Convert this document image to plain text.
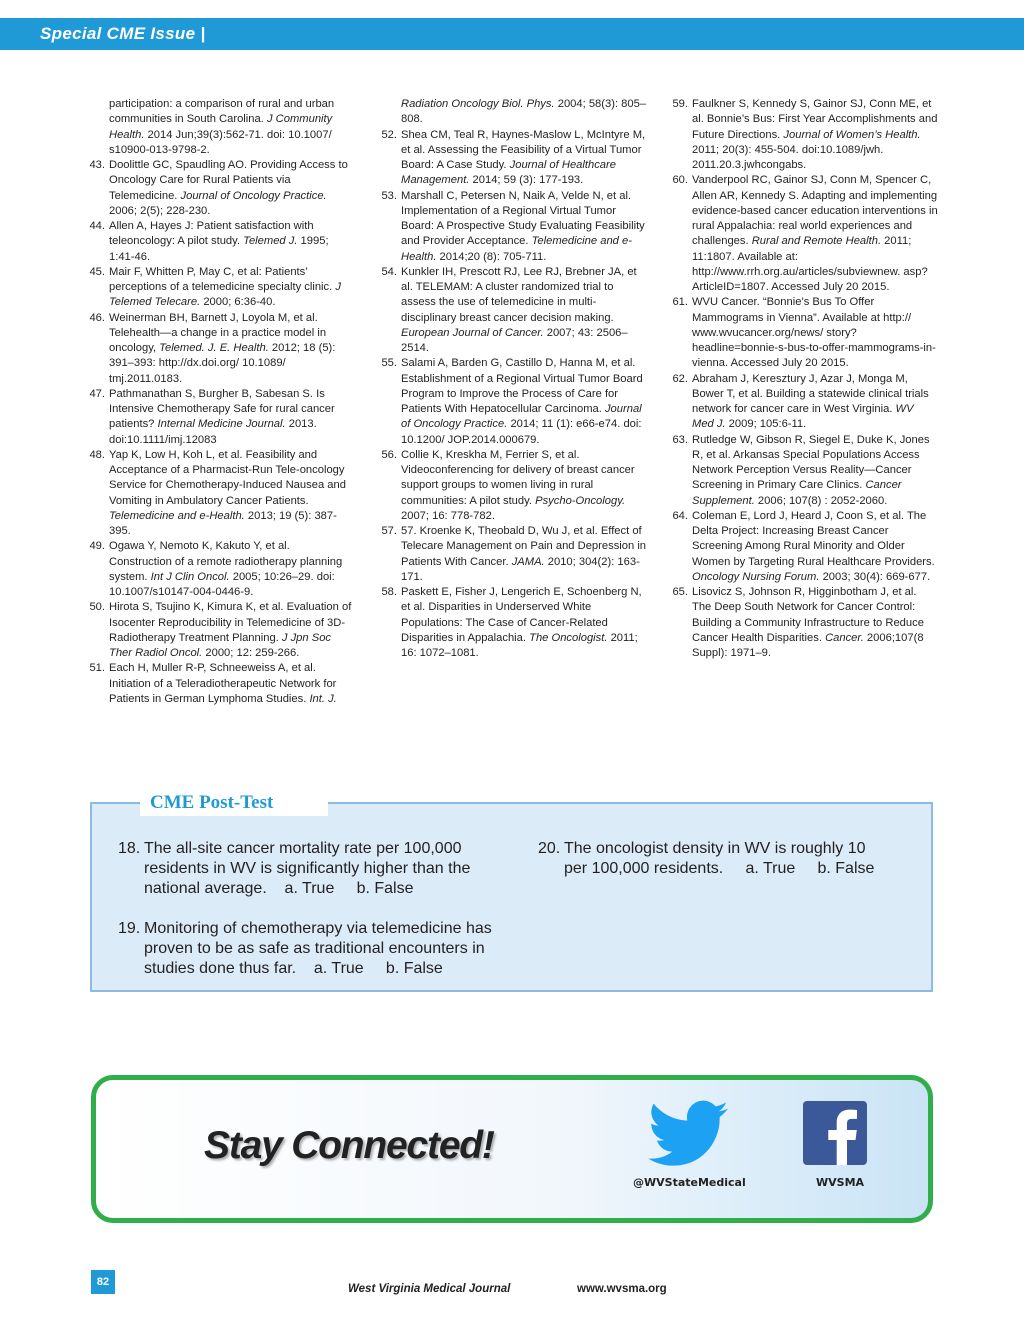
Special CME Issue |
participation: a comparison of rural and urban communities in South Carolina. J Community Health. 2014 Jun;39(3):562-71. doi: 10.1007/ s10900-013-9798-2.
43. Doolittle GC, Spaudling AO. Providing Access to Oncology Care for Rural Patients via Telemedicine. Journal of Oncology Practice. 2006; 2(5); 228-230.
44. Allen A, Hayes J: Patient satisfaction with teleoncology: A pilot study. Telemed J. 1995; 1:41-46.
45. Mair F, Whitten P, May C, et al: Patients’ perceptions of a telemedicine specialty clinic. J Telemed Telecare. 2000; 6:36-40.
46. Weinerman BH, Barnett J, Loyola M, et al. Telehealth—a change in a practice model in oncology, Telemed. J. E. Health. 2012; 18 (5): 391–393: http://dx.doi.org/ 10.1089/ tmj.2011.0183.
47. Pathmanathan S, Burgher B, Sabesan S. Is Intensive Chemotherapy Safe for rural cancer patients? Internal Medicine Journal. 2013. doi:10.1111/imj.12083
48. Yap K, Low H, Koh L, et al. Feasibility and Acceptance of a Pharmacist-Run Tele-oncology Service for Chemotherapy-Induced Nausea and Vomiting in Ambulatory Cancer Patients. Telemedicine and e-Health. 2013; 19 (5): 387-395.
49. Ogawa Y, Nemoto K, Kakuto Y, et al. Construction of a remote radiotherapy planning system. Int J Clin Oncol. 2005; 10:26–29. doi: 10.1007/s10147-004-0446-9.
50. Hirota S, Tsujino K, Kimura K, et al. Evaluation of Isocenter Reproducibility in Telemedicine of 3D-Radiotherapy Treatment Planning. J Jpn Soc Ther Radiol Oncol. 2000; 12: 259-266.
51. Each H, Muller R-P, Schneeweiss A, et al. Initiation of a Teleradiotherapeutic Network for Patients in German Lymphoma Studies. Int. J.
Radiation Oncology Biol. Phys. 2004; 58(3): 805–808.
52. Shea CM, Teal R, Haynes-Maslow L, McIntyre M, et al. Assessing the Feasibility of a Virtual Tumor Board: A Case Study. Journal of Healthcare Management. 2014; 59 (3): 177-193.
53. Marshall C, Petersen N, Naik A, Velde N, et al. Implementation of a Regional Virtual Tumor Board: A Prospective Study Evaluating Feasibility and Provider Acceptance. Telemedicine and e-Health. 2014;20 (8): 705-711.
54. Kunkler IH, Prescott RJ, Lee RJ, Brebner JA, et al. TELEMAM: A cluster randomized trial to assess the use of telemedicine in multi-disciplinary breast cancer decision making. European Journal of Cancer. 2007; 43: 2506–2514.
55. Salami A, Barden G, Castillo D, Hanna M, et al. Establishment of a Regional Virtual Tumor Board Program to Improve the Process of Care for Patients With Hepatocellular Carcinoma. Journal of Oncology Practice. 2014; 11 (1): e66-e74. doi: 10.1200/ JOP.2014.000679.
56. Collie K, Kreskha M, Ferrier S, et al. Videoconferencing for delivery of breast cancer support groups to women living in rural communities: A pilot study. Psycho-Oncology. 2007; 16: 778-782.
57. 57. Kroenke K, Theobald D, Wu J, et al. Effect of Telecare Management on Pain and Depression in Patients With Cancer. JAMA. 2010; 304(2): 163-171.
58. Paskett E, Fisher J, Lengerich E, Schoenberg N, et al. Disparities in Underserved White Populations: The Case of Cancer-Related Disparities in Appalachia. The Oncologist. 2011; 16: 1072–1081.
59. Faulkner S, Kennedy S, Gainor SJ, Conn ME, et al. Bonnie’s Bus: First Year Accomplishments and Future Directions. Journal of Women’s Health. 2011; 20(3): 455-504. doi:10.1089/jwh. 2011.20.3.jwhcongabs.
60. Vanderpool RC, Gainor SJ, Conn M, Spencer C, Allen AR, Kennedy S. Adapting and implementing evidence-based cancer education interventions in rural Appalachia: real world experiences and challenges. Rural and Remote Health. 2011; 11:1807. Available at: http://www.rrh.org.au/articles/subviewnew. asp?ArticleID=1807. Accessed July 20 2015.
61. WVU Cancer. “Bonnie’s Bus To Offer Mammograms in Vienna”. Available at http:// www.wvucancer.org/news/ story?headline=bonnie-s-bus-to-offer-mammograms-in-vienna. Accessed July 20 2015.
62. Abraham J, Keresztury J, Azar J, Monga M, Bower T, et al. Building a statewide clinical trials network for cancer care in West Virginia. WV Med J. 2009; 105:6-11.
63. Rutledge W, Gibson R, Siegel E, Duke K, Jones R, et al. Arkansas Special Populations Access Network Perception Versus Reality—Cancer Screening in Primary Care Clinics. Cancer Supplement. 2006; 107(8) : 2052-2060.
64. Coleman E, Lord J, Heard J, Coon S, et al. The Delta Project: Increasing Breast Cancer Screening Among Rural Minority and Older Women by Targeting Rural Healthcare Providers. Oncology Nursing Forum. 2003; 30(4): 669-677.
65. Lisovicz S, Johnson R, Higginbotham J, et al. The Deep South Network for Cancer Control: Building a Community Infrastructure to Reduce Cancer Health Disparities. Cancer. 2006;107(8 Suppl): 1971–9.
CME Post-Test
18. The all-site cancer mortality rate per 100,000 residents in WV is significantly higher than the national average.    a. True     b. False
19. Monitoring of chemotherapy via telemedicine has proven to be as safe as traditional encounters in studies done thus far.    a. True     b. False
20. The oncologist density in WV is roughly 10 per 100,000 residents.     a. True     b. False
Stay Connected!
@WVStateMedical	WVSMA
82
West Virginia Medical Journal	www.wvsma.org
